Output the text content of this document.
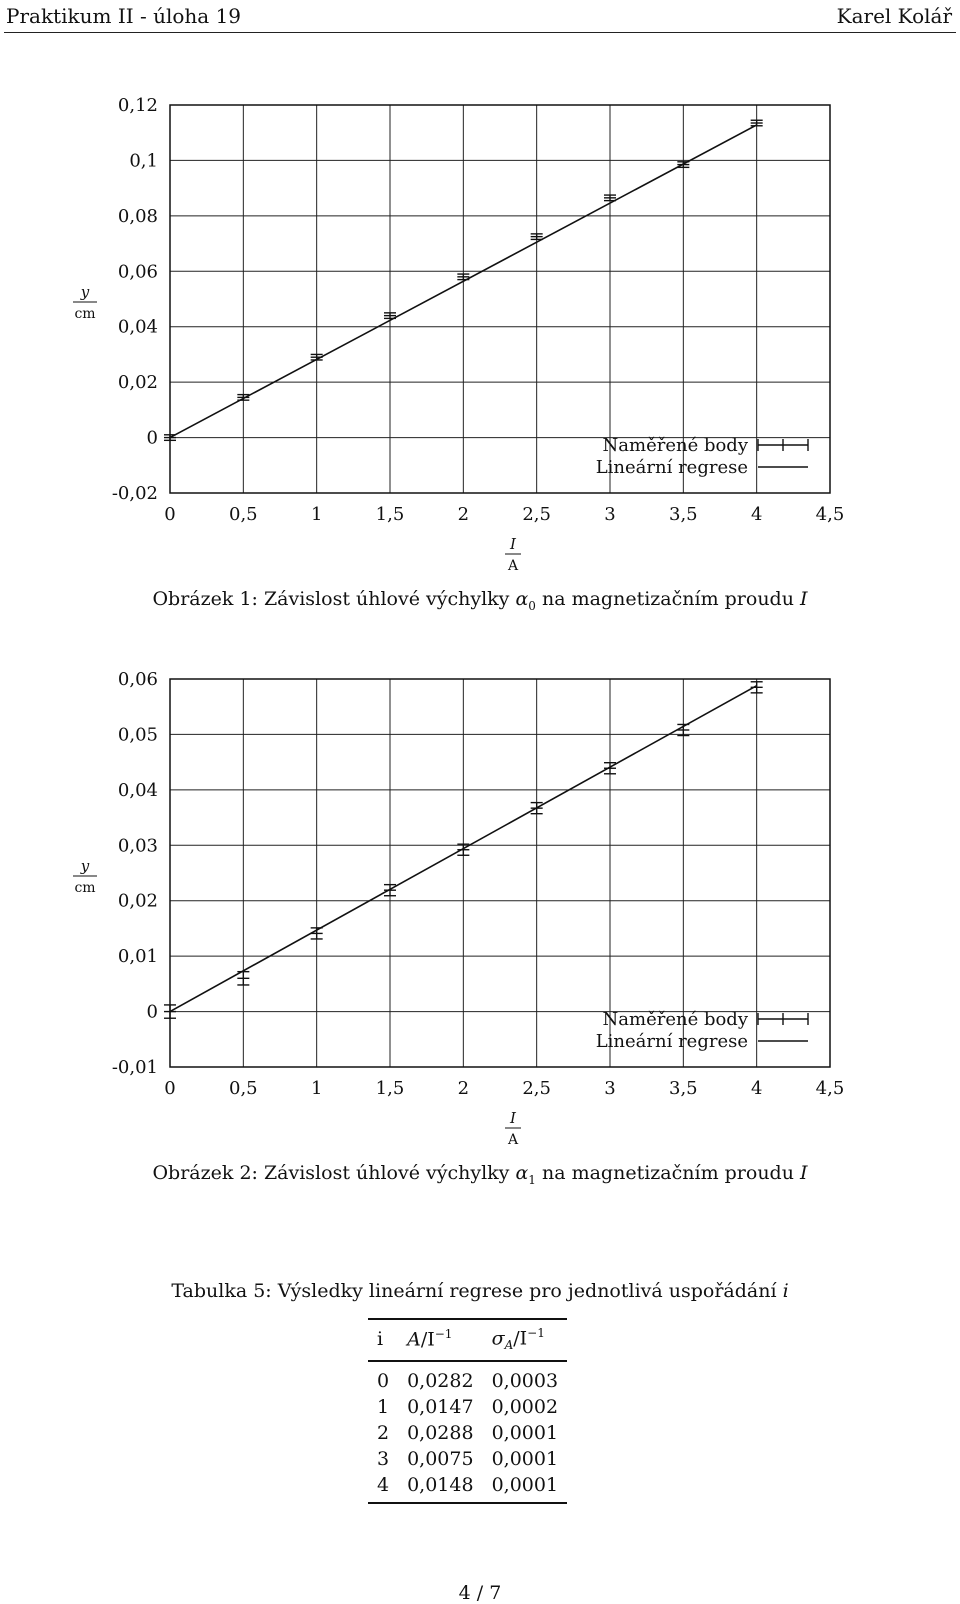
Praktikum II - úloha 19	Karel Kolář
0	0,5	1	1,5	2	2,5	3	3,5	4	4,5
-0,02
0
0,02
0,04
0,06
0,08
0,1
0,12
y
cm
I
A
Naměřené body
Lineární regrese
Obrázek 1: Závislost úhlové výchylky $\alpha_0$ na magnetizačním proudu I
0	0,5	1	1,5	2	2,5	3	3,5	4	4,5
-0,01
0
0,01
0,02
0,03
0,04
0,05
0,06
y
cm
I
A
Naměřené body
Lineární regrese
Obrázek 2: Závislost úhlové výchylky $\alpha_1$ na magnetizačním proudu I
Tabulka 5: Výsledky lineární regrese pro jednotlivá uspořádání i
i	$A/I^{-1}$	$\sigma_A/I^{-1}$
0	0,0282	0,0003
1	0,0147	0,0002
2	0,0288	0,0001
3	0,0075	0,0001
4	0,0148	0,0001
4 / 7
